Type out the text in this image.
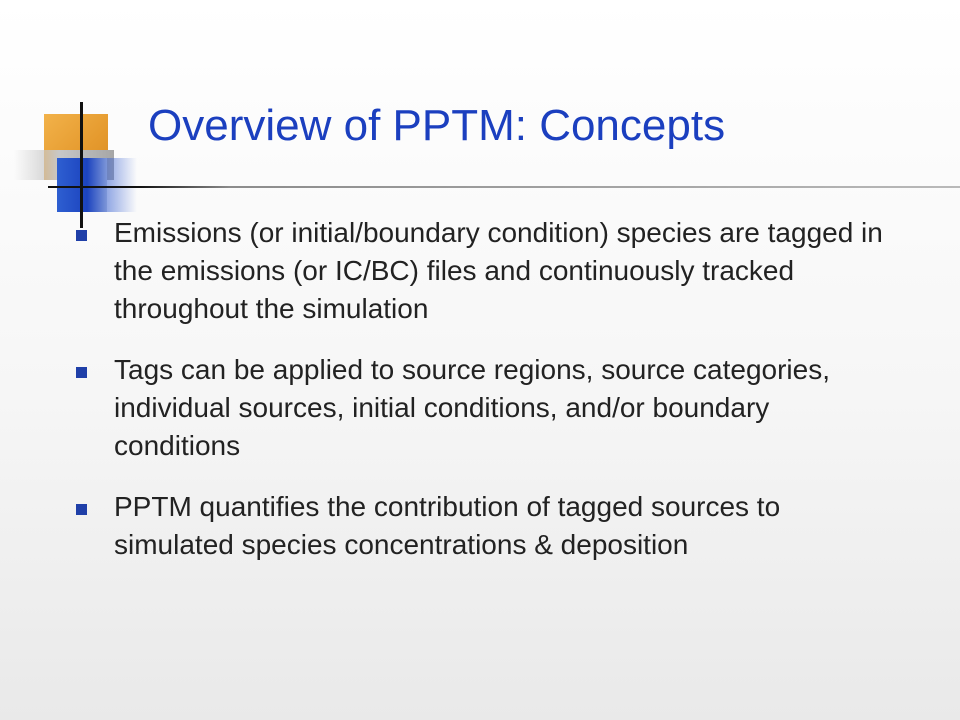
Overview of PPTM: Concepts
Emissions (or initial/boundary condition) species are tagged in the emissions (or IC/BC) files and continuously tracked throughout the simulation
Tags can be applied to source regions, source categories, individual sources, initial conditions, and/or boundary conditions
PPTM quantifies the contribution of tagged sources to simulated species concentrations & deposition
